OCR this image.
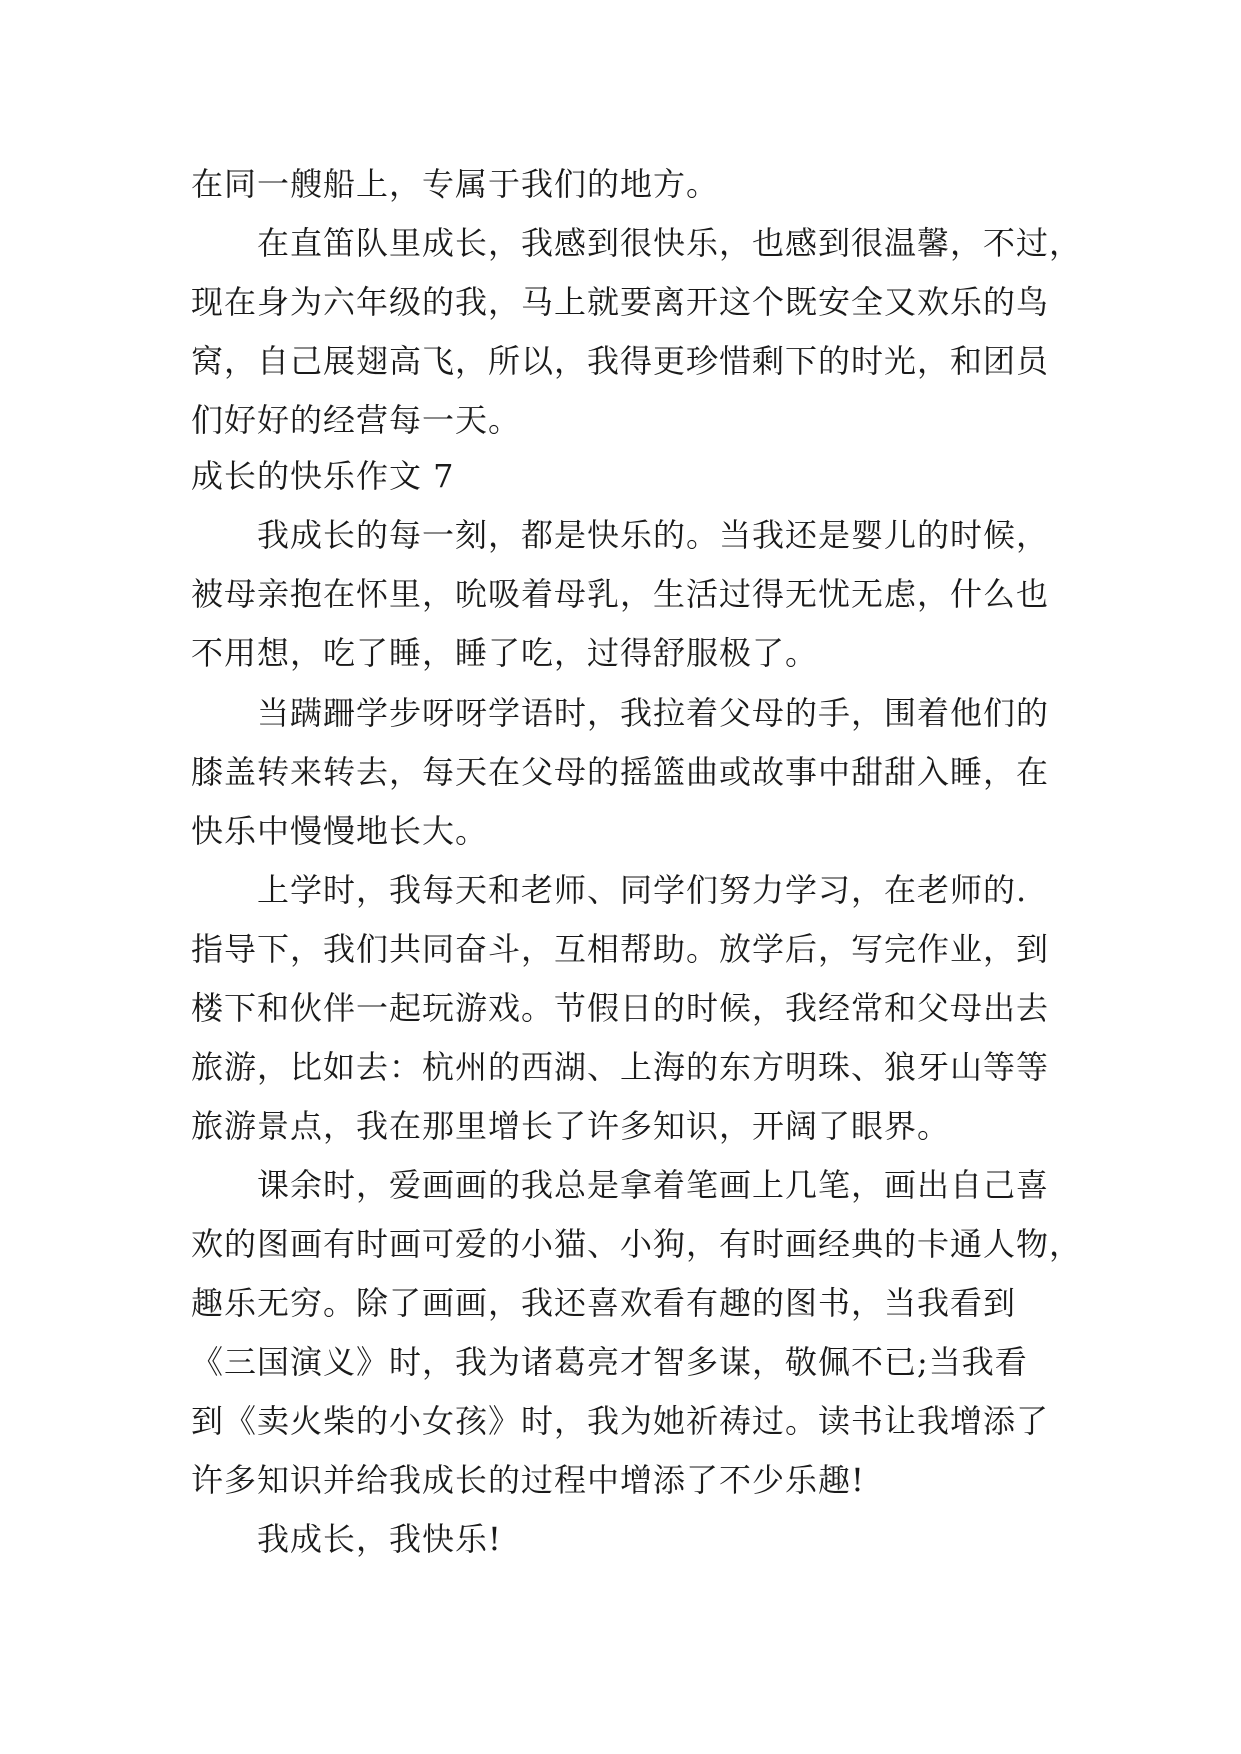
在同一艘船上，专属于我们的地方。
在直笛队里成长，我感到很快乐，也感到很温馨，不过，
现在身为六年级的我，马上就要离开这个既安全又欢乐的鸟
窝，自己展翅高飞，所以，我得更珍惜剩下的时光，和团员
们好好的经营每一天。
成长的快乐作文 7
我成长的每一刻，都是快乐的。当我还是婴儿的时候，
被母亲抱在怀里，吮吸着母乳，生活过得无忧无虑，什么也
不用想，吃了睡，睡了吃，过得舒服极了。
当蹒跚学步呀呀学语时，我拉着父母的手，围着他们的
膝盖转来转去，每天在父母的摇篮曲或故事中甜甜入睡，在
快乐中慢慢地长大。
上学时，我每天和老师、同学们努力学习，在老师的.
指导下，我们共同奋斗，互相帮助。放学后，写完作业，到
楼下和伙伴一起玩游戏。节假日的时候，我经常和父母出去
旅游，比如去：杭州的西湖、上海的东方明珠、狼牙山等等
旅游景点，我在那里增长了许多知识，开阔了眼界。
课余时，爱画画的我总是拿着笔画上几笔，画出自己喜
欢的图画有时画可爱的小猫、小狗，有时画经典的卡通人物，
趣乐无穷。除了画画，我还喜欢看有趣的图书，当我看到
《三国演义》时，我为诸葛亮才智多谋，敬佩不已;当我看
到《卖火柴的小女孩》时，我为她祈祷过。读书让我增添了
许多知识并给我成长的过程中增添了不少乐趣!
我成长，我快乐!
